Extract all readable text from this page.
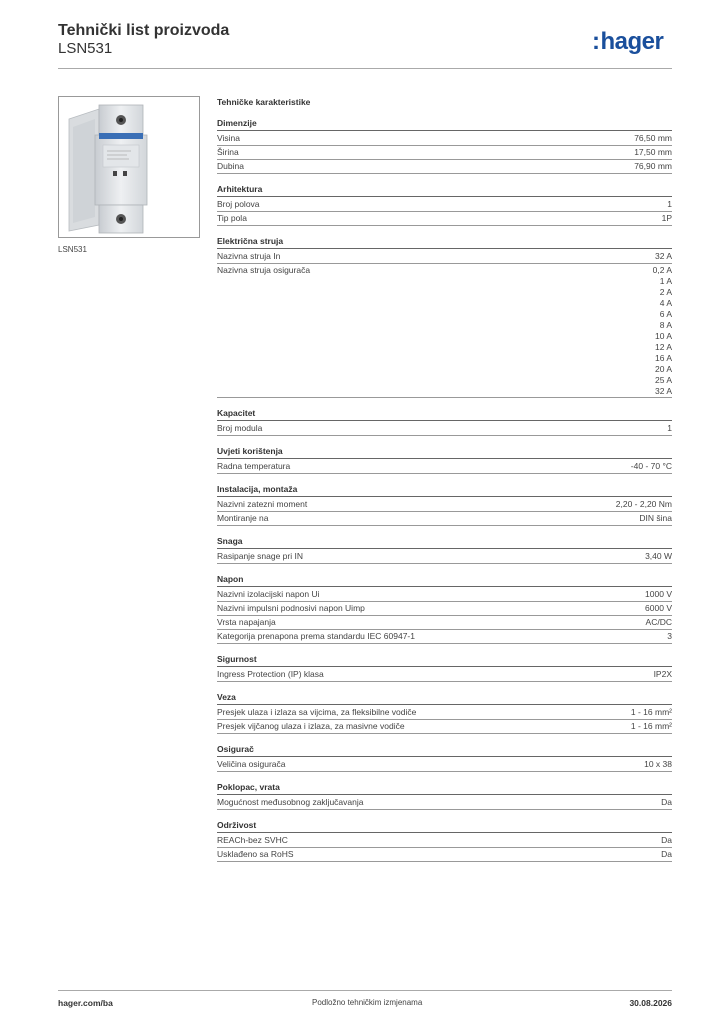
Tehnički list proizvoda
LSN531	:hager
LSN531
Tehničke karakteristike
Dimenzije
Visina	76,50 mm
Širina	17,50 mm
Dubina	76,90 mm
Arhitektura
Broj polova	1
Tip pola	1P
Električna struja
Nazivna struja In	32 A
Nazivna struja osigurača	0,2 A
1 A
2 A
4 A
6 A
8 A
10 A
12 A
16 A
20 A
25 A
32 A
Kapacitet
Broj modula	1
Uvjeti korištenja
Radna temperatura	-40 - 70 °C
Instalacija, montaža
Nazivni zatezni moment	2,20 - 2,20 Nm
Montiranje na	DIN šina
Snaga
Rasipanje snage pri IN	3,40 W
Napon
Nazivni izolacijski napon Ui	1000 V
Nazivni impulsni podnosivi napon Uimp	6000 V
Vrsta napajanja	AC/DC
Kategorija prenapona prema standardu IEC 60947-1	3
Sigurnost
Ingress Protection (IP) klasa	IP2X
Veza
Presjek ulaza i izlaza sa vijcima, za fleksibilne vodiče	1 - 16 mm²
Presjek vijčanog ulaza i izlaza, za masivne vodiče	1 - 16 mm²
Osigurač
Veličina osigurača	10 x 38
Poklopac, vrata
Mogućnost međusobnog zaključavanja	Da
Održivost
REACh-bez SVHC	Da
Usklađeno sa RoHS	Da
hager.com/ba	Podložno tehničkim izmjenama	30.08.2026
